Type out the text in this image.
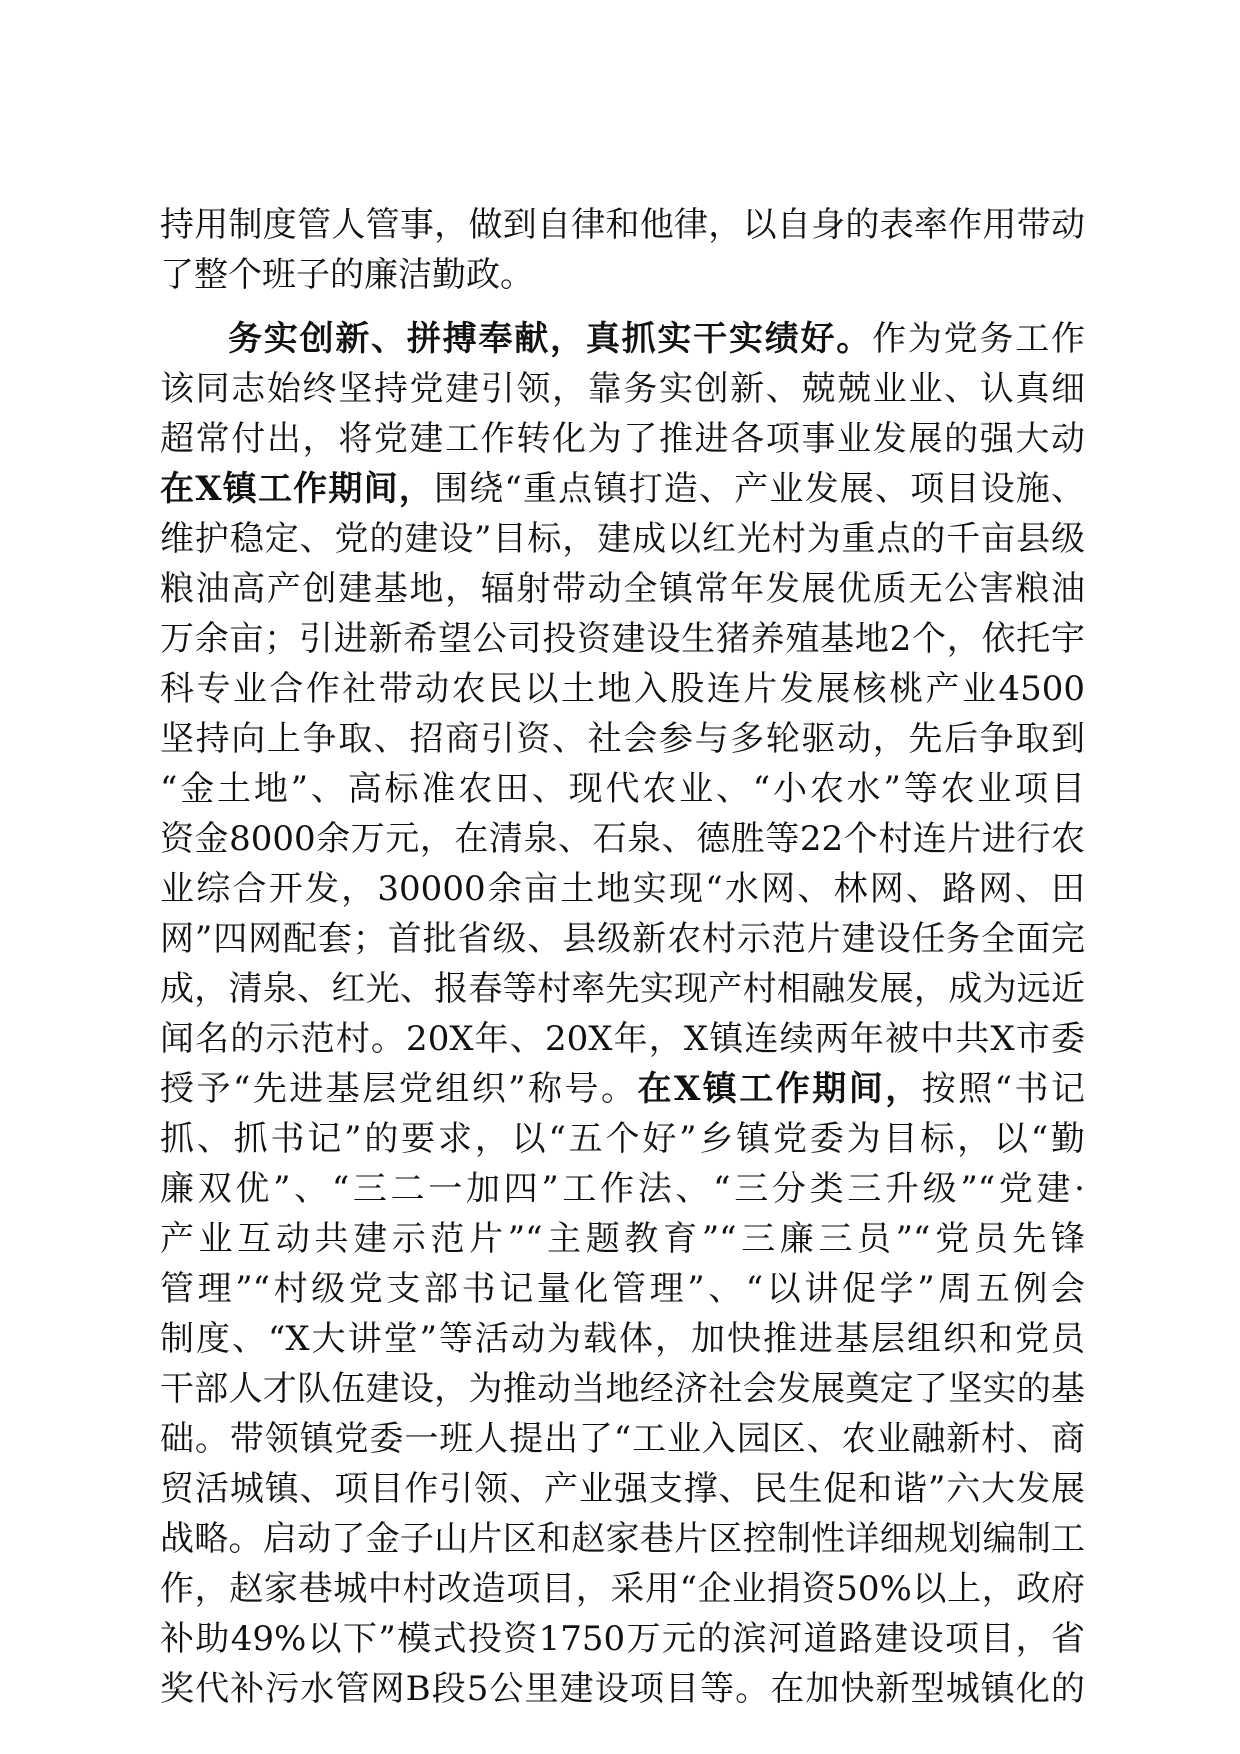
持用制度管人管事，做到自律和他律，以自身的表率作用带动
了整个班子的廉洁勤政。
务实创新、拼搏奉献，真抓实干实绩好。作为党务工作
该同志始终坚持党建引领，靠务实创新、兢兢业业、认真细
超常付出，将党建工作转化为了推进各项事业发展的强大动
在X镇工作期间，围绕“重点镇打造、产业发展、项目设施、
维护稳定、党的建设”目标，建成以红光村为重点的千亩县级
粮油高产创建基地，辐射带动全镇常年发展优质无公害粮油
万余亩；引进新希望公司投资建设生猪养殖基地2个，依托宇
科专业合作社带动农民以土地入股连片发展核桃产业4500
坚持向上争取、招商引资、社会参与多轮驱动，先后争取到
“金土地”、高标准农田、现代农业、“小农水”等农业项目
资金8000余万元，在清泉、石泉、德胜等22个村连片进行农
业综合开发，30000余亩土地实现“水网、林网、路网、田
网”四网配套；首批省级、县级新农村示范片建设任务全面完
成，清泉、红光、报春等村率先实现产村相融发展，成为远近
闻名的示范村。20X年、20X年，X镇连续两年被中共X市委
授予“先进基层党组织”称号。在X镇工作期间，按照“书记
抓、抓书记”的要求，以“五个好”乡镇党委为目标，以“勤
廉双优”、“三二一加四”工作法、“三分类三升级”“党建·
产业互动共建示范片”“主题教育”“三廉三员”“党员先锋
管理”“村级党支部书记量化管理”、“以讲促学”周五例会
制度、“X大讲堂”等活动为载体，加快推进基层组织和党员
干部人才队伍建设，为推动当地经济社会发展奠定了坚实的基
础。带领镇党委一班人提出了“工业入园区、农业融新村、商
贸活城镇、项目作引领、产业强支撑、民生促和谐”六大发展
战略。启动了金子山片区和赵家巷片区控制性详细规划编制工
作，赵家巷城中村改造项目，采用“企业捐资50%以上，政府
补助49%以下”模式投资1750万元的滨河道路建设项目，省
奖代补污水管网B段5公里建设项目等。在加快新型城镇化的
